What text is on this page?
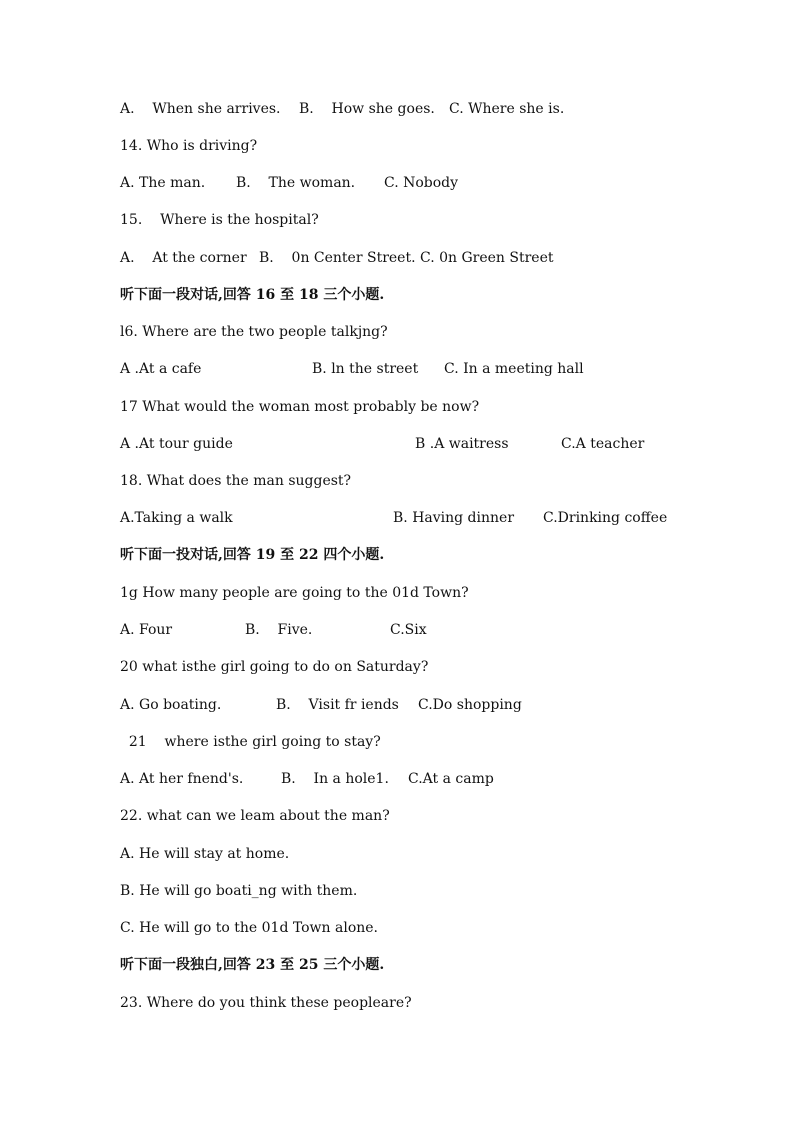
A.    When she arrives.

B.    How she goes.

C. Where she is.

14. Who is driving?

A. The man.

B.    The woman.

C. Nobody

15.    Where is the hospital?

A.    At the corner

B.    0n Center Street. C. 0n Green Street

听下面一段对话,回答 16 至 18 三个小题.
l6. Where are the two people talkjng?

A .At a cafe

	B. ln the street

C. In a meeting hall

17 What would the woman most probably be now?

A .At tour guide

	B .A waitress

	C.A teacher

18. What does the man suggest?

A.Taking a walk

	B. Having dinner

C.Drinking coffee

听下面一投对话,回答 19 至 22 四个小题.
1g How many people are going to the 01d Town?

A. Four

	B.    Five.

	C.Six

20 what isthe girl going to do on Saturday?

A. Go boating.

	B.    Visit fr iends

C.Do shopping

21    where isthe girl going to stay?

A. At her fnend's.

	B.    In a hole1.

C.At a camp

22. what can we leam about the man?
A. He will stay at home.
B. He will go boati_ng with them.
C. He will go to the 01d Town alone.
听下面一段独白,回答 23 至 25 三个小题.
23. Where do you think these peopleare?
